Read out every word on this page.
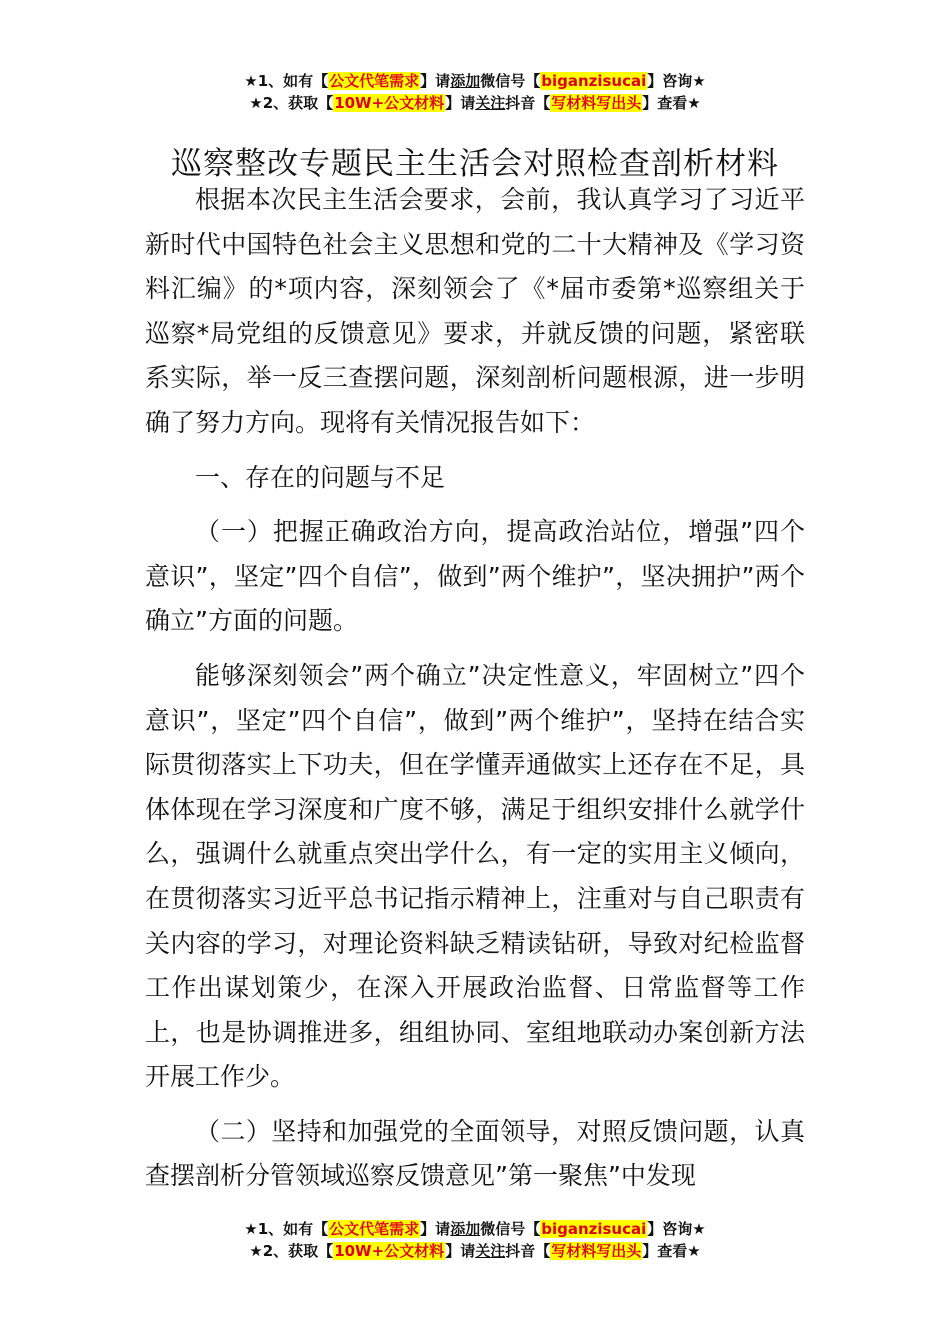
★1、如有【公文代笔需求】请添加微信号【biganzisucai】咨询★
★2、获取【10W+公文材料】请关注抖音【写材料写出头】查看★
巡察整改专题民主生活会对照检查剖析材料

根据本次民主生活会要求，会前，我认真学习了习近平新时代中国特色社会主义思想和党的二十大精神及《学习资料汇编》的*项内容，深刻领会了《*届市委第*巡察组关于巡察*局党组的反馈意见》要求，并就反馈的问题，紧密联系实际，举一反三查摆问题，深刻剖析问题根源，进一步明确了努力方向。现将有关情况报告如下：

一、存在的问题与不足

（一）把握正确政治方向，提高政治站位，增强”四个意识”，坚定”四个自信”，做到”两个维护”，坚决拥护”两个确立”方面的问题。

能够深刻领会”两个确立”决定性意义，牢固树立”四个意识”，坚定”四个自信”，做到”两个维护”，坚持在结合实际贯彻落实上下功夫，但在学懂弄通做实上还存在不足，具体体现在学习深度和广度不够，满足于组织安排什么就学什么，强调什么就重点突出学什么，有一定的实用主义倾向，在贯彻落实习近平总书记指示精神上，注重对与自己职责有关内容的学习，对理论资料缺乏精读钻研，导致对纪检监督工作出谋划策少，在深入开展政治监督、日常监督等工作上，也是协调推进多，组组协同、室组地联动办案创新方法开展工作少。

（二）坚持和加强党的全面领导，对照反馈问题，认真查摆剖析分管领域巡察反馈意见”第一聚焦”中发现

★1、如有【公文代笔需求】请添加微信号【biganzisucai】咨询★
★2、获取【10W+公文材料】请关注抖音【写材料写出头】查看★
